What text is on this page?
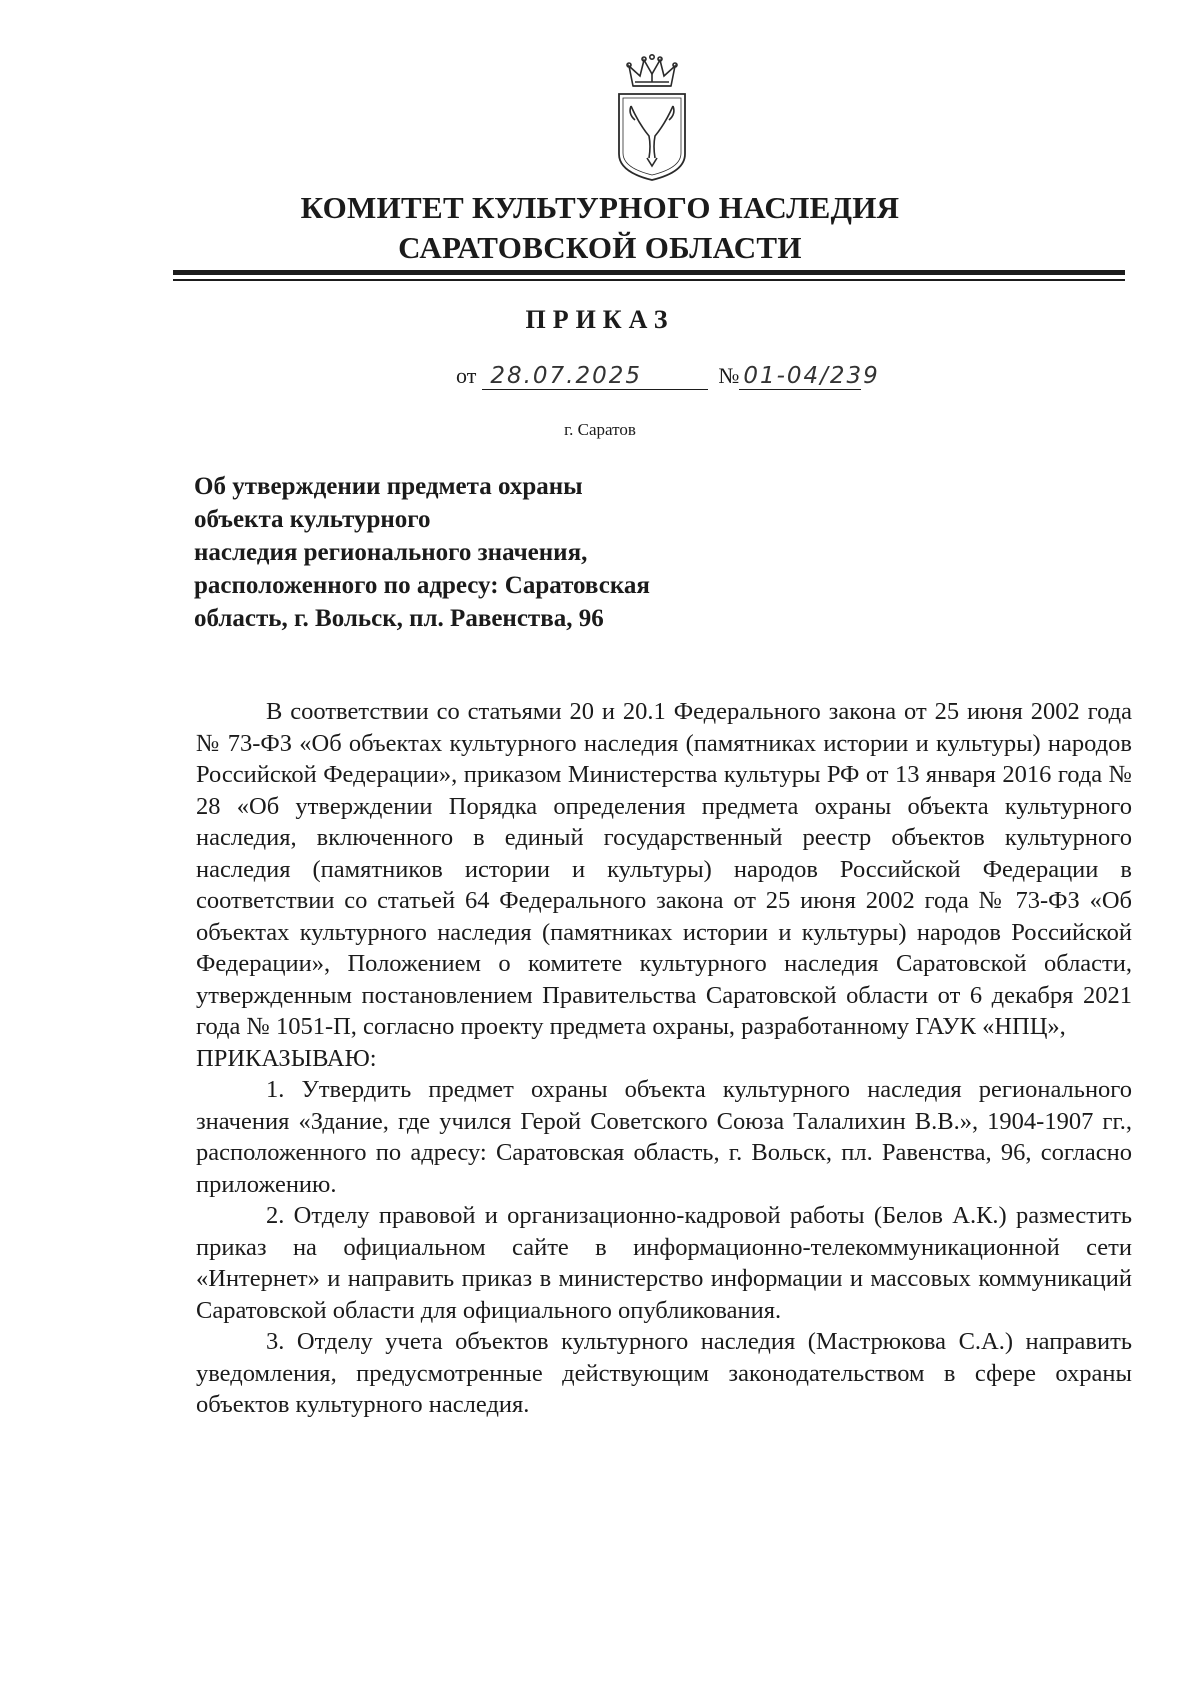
КОМИТЕТ КУЛЬТУРНОГО НАСЛЕДИЯ
САРАТОВСКОЙ ОБЛАСТИ
ПРИКАЗ
от 28.07.2025	№ 01-04/239
г. Саратов
Об утверждении предмета охраны
объекта культурного
наследия регионального значения,
расположенного по адресу: Саратовская
область, г. Вольск, пл. Равенства, 96

В соответствии со статьями 20 и 20.1 Федерального закона от 25 июня 2002 года № 73-ФЗ «Об объектах культурного наследия (памятниках истории и культуры) народов Российской Федерации», приказом Министерства культуры РФ от 13 января 2016 года № 28 «Об утверждении Порядка определения предмета охраны объекта культурного наследия, включенного в единый государственный реестр объектов культурного наследия (памятников истории и культуры) народов Российской Федерации в соответствии со статьей 64 Федерального закона от 25 июня 2002 года № 73-ФЗ «Об объектах культурного наследия (памятниках истории и культуры) народов Российской Федерации», Положением о комитете культурного наследия Саратовской области, утвержденным постановлением Правительства Саратовской области от 6 декабря 2021 года № 1051-П, согласно проекту предмета охраны, разработанному ГАУК «НПЦ»,

ПРИКАЗЫВАЮ:

1. Утвердить предмет охраны объекта культурного наследия регионального значения «Здание, где учился Герой Советского Союза Талалихин В.В.», 1904-1907 гг., расположенного по адресу: Саратовская область, г. Вольск, пл. Равенства, 96, согласно приложению.

2. Отделу правовой и организационно-кадровой работы (Белов А.К.) разместить приказ на официальном сайте в информационно-телекоммуникационной сети «Интернет» и направить приказ в министерство информации и массовых коммуникаций Саратовской области для официального опубликования.

3. Отделу учета объектов культурного наследия (Мастрюкова С.А.) направить уведомления, предусмотренные действующим законодательством в сфере охраны объектов культурного наследия.
